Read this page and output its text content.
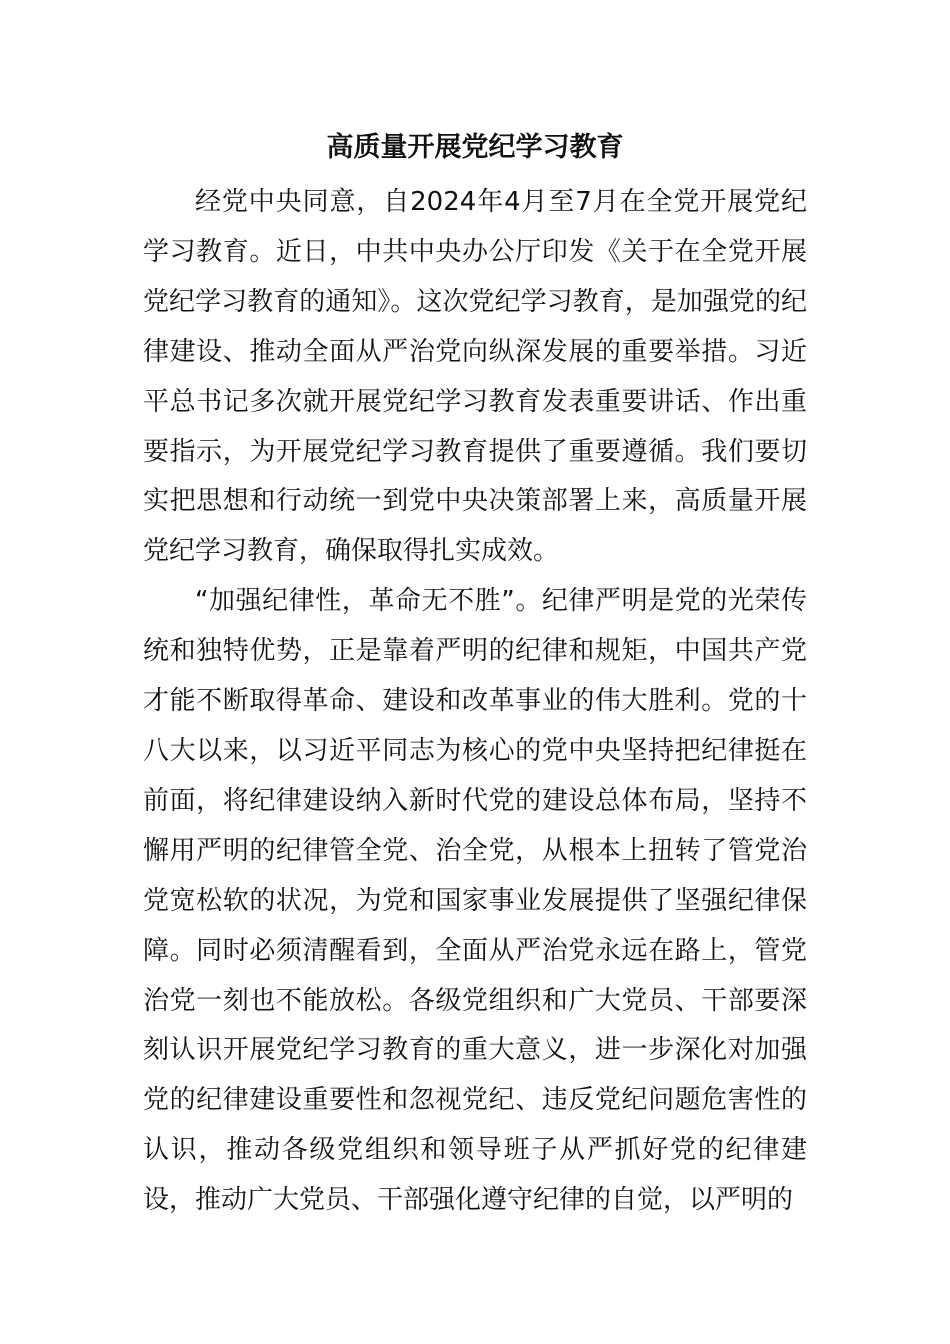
高质量开展党纪学习教育

经党中央同意，自2024年4月至7月在全党开展党纪学习教育。近日，中共中央办公厅印发《关于在全党开展党纪学习教育的通知》。这次党纪学习教育，是加强党的纪律建设、推动全面从严治党向纵深发展的重要举措。习近平总书记多次就开展党纪学习教育发表重要讲话、作出重要指示，为开展党纪学习教育提供了重要遵循。我们要切实把思想和行动统一到党中央决策部署上来，高质量开展党纪学习教育，确保取得扎实成效。

“加强纪律性，革命无不胜”。纪律严明是党的光荣传统和独特优势，正是靠着严明的纪律和规矩，中国共产党才能不断取得革命、建设和改革事业的伟大胜利。党的十八大以来，以习近平同志为核心的党中央坚持把纪律挺在前面，将纪律建设纳入新时代党的建设总体布局，坚持不懈用严明的纪律管全党、治全党，从根本上扭转了管党治党宽松软的状况，为党和国家事业发展提供了坚强纪律保障。同时必须清醒看到，全面从严治党永远在路上，管党治党一刻也不能放松。各级党组织和广大党员、干部要深刻认识开展党纪学习教育的重大意义，进一步深化对加强党的纪律建设重要性和忽视党纪、违反党纪问题危害性的认识，推动各级党组织和领导班子从严抓好党的纪律建设，推动广大党员、干部强化遵守纪律的自觉，以严明的
